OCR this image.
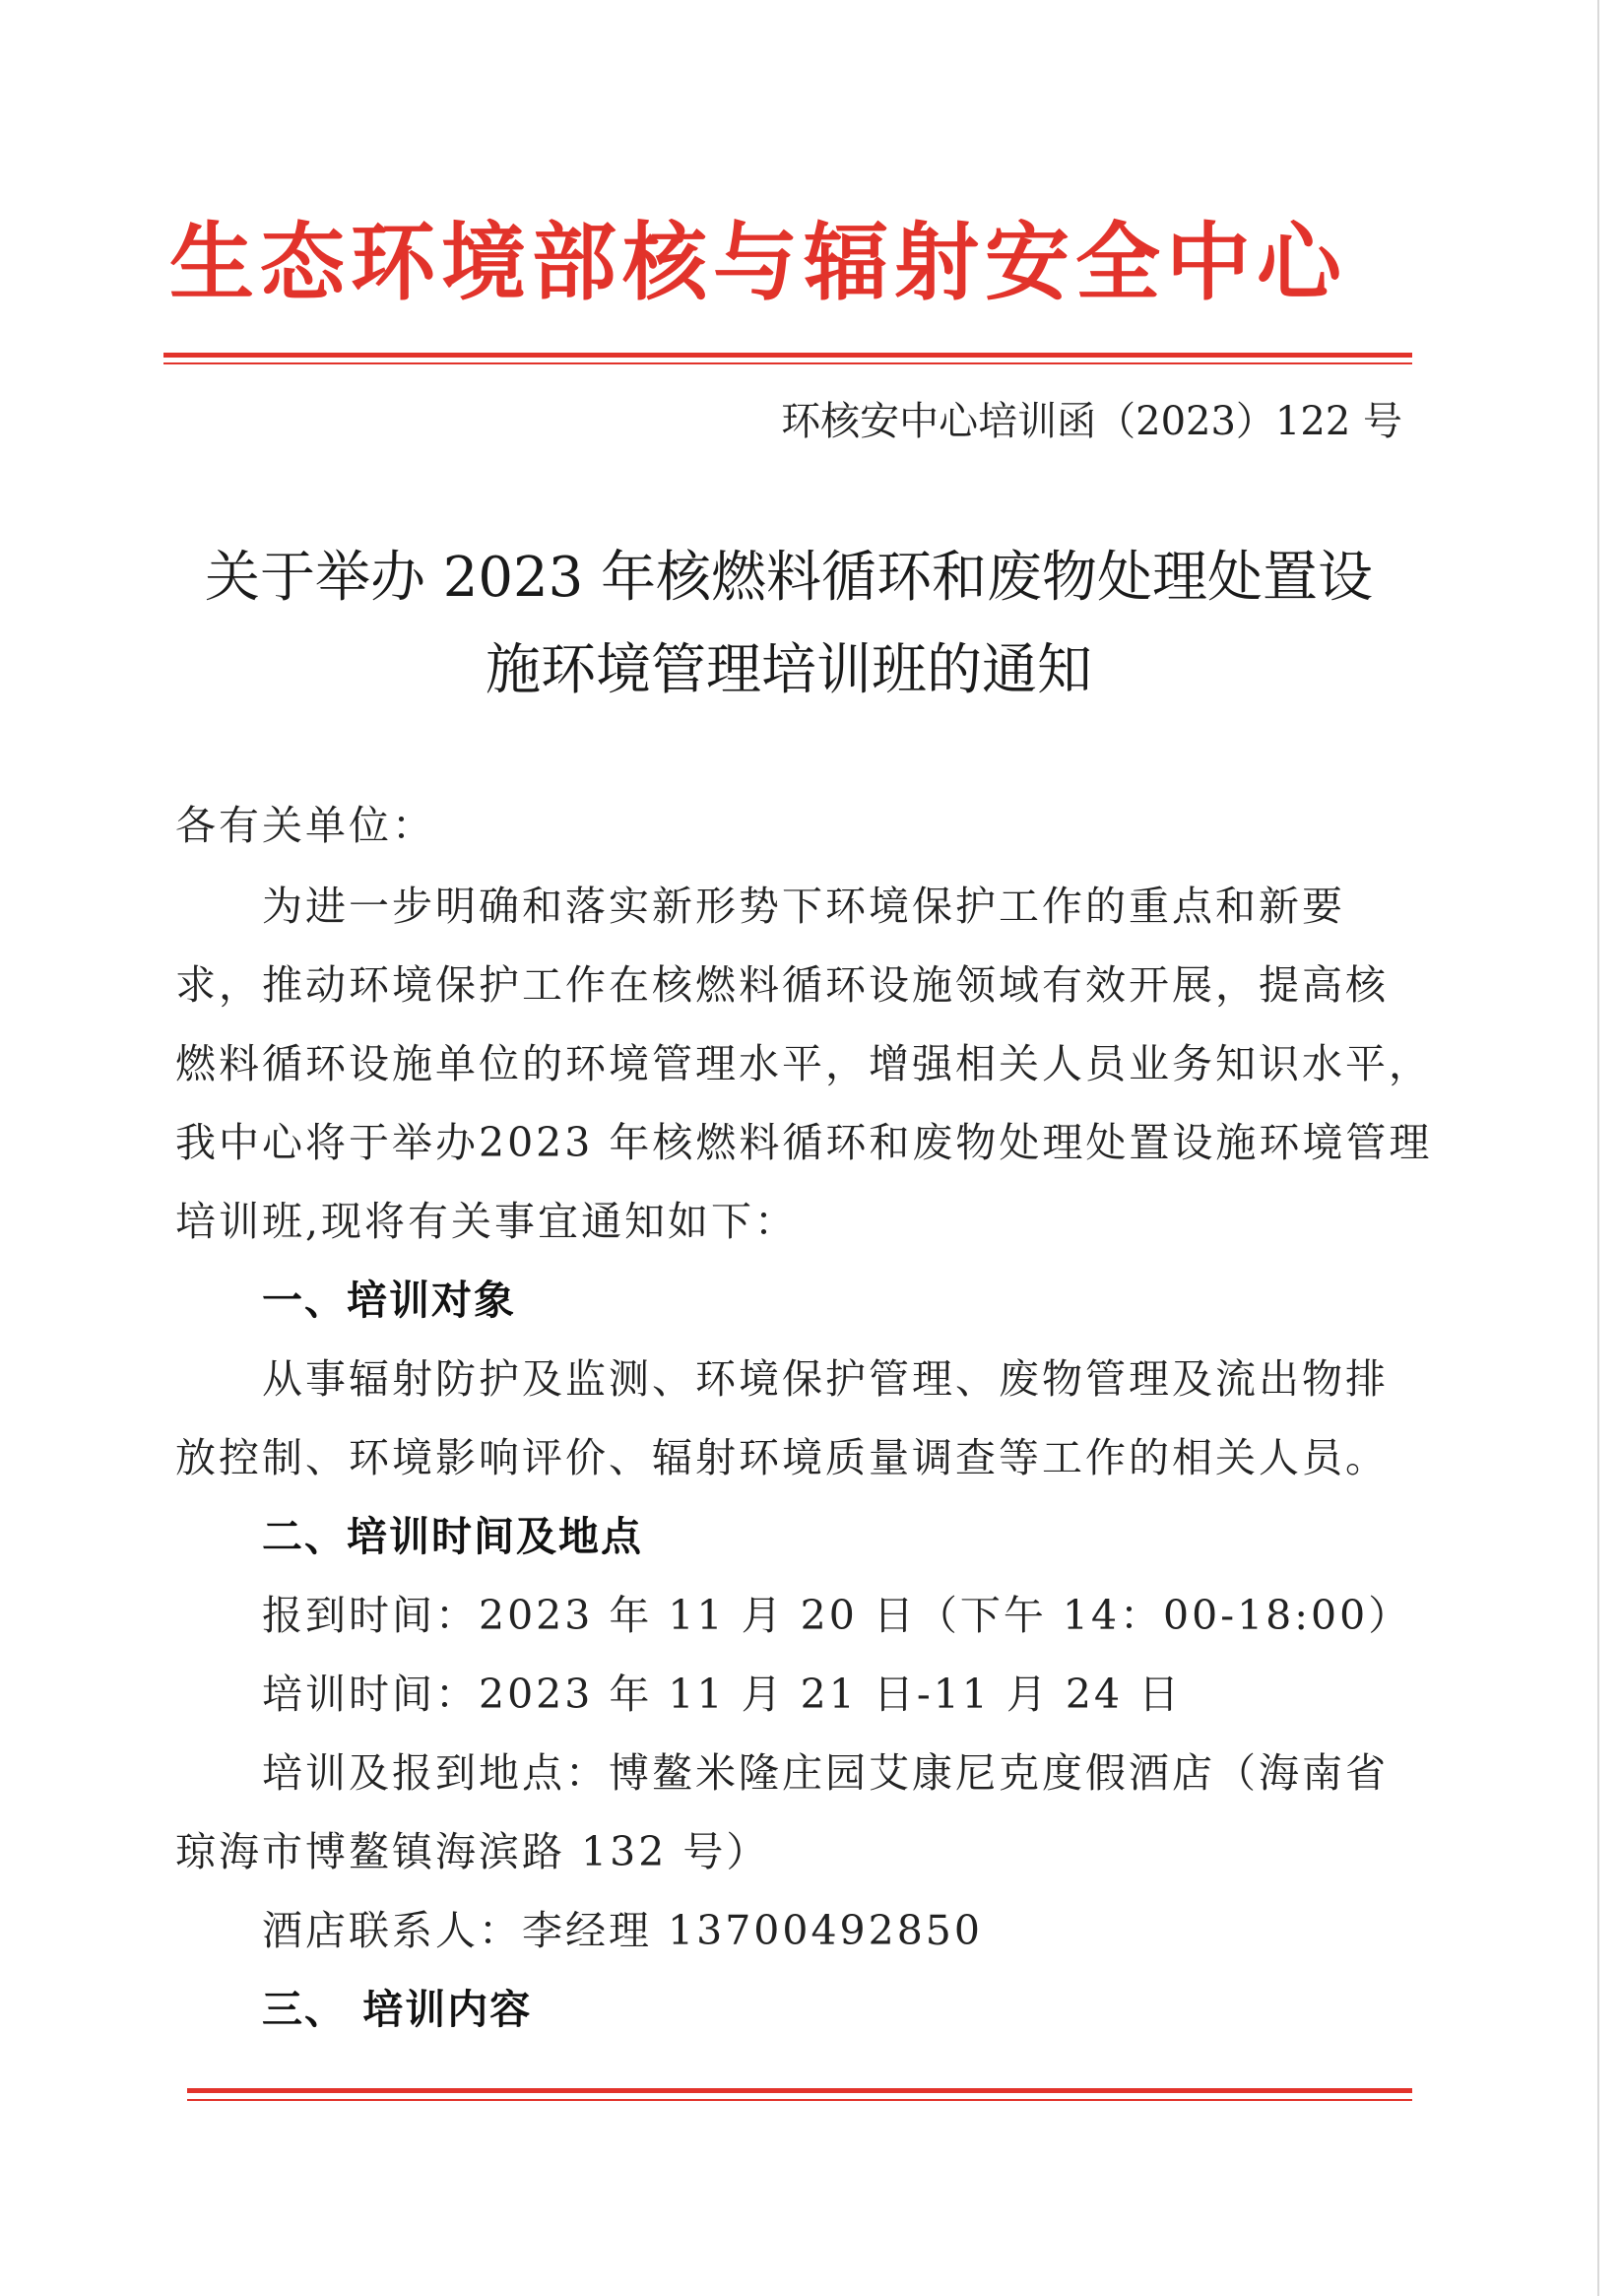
生态环境部核与辐射安全中心
环核安中心培训函（2023）122 号
关于举办 2023 年核燃料循环和废物处理处置设
施环境管理培训班的通知
各有关单位：
为进一步明确和落实新形势下环境保护工作的重点和新要
求，推动环境保护工作在核燃料循环设施领域有效开展，提高核
燃料循环设施单位的环境管理水平，增强相关人员业务知识水平，
我中心将于举办2023 年核燃料循环和废物处理处置设施环境管理
培训班,现将有关事宜通知如下：
一、培训对象
从事辐射防护及监测、环境保护管理、废物管理及流出物排
放控制、环境影响评价、辐射环境质量调查等工作的相关人员。
二、培训时间及地点
报到时间：2023 年 11 月 20 日（下午 14：00-18:00）
培训时间：2023 年 11 月 21 日-11 月 24 日
培训及报到地点：博鳌米隆庄园艾康尼克度假酒店（海南省
琼海市博鳌镇海滨路 132 号）
酒店联系人：李经理 13700492850
三、 培训内容
